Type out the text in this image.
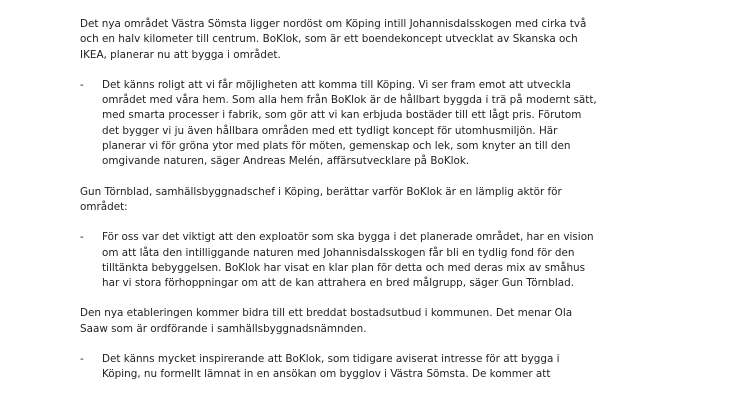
Det nya området Västra Sömsta ligger nordöst om Köping intill Johannisdalsskogen med cirka två och en halv kilometer till centrum. BoKlok, som är ett boendekoncept utvecklat av Skanska och IKEA, planerar nu att bygga i området.

-	Det känns roligt att vi får möjligheten att komma till Köping. Vi ser fram emot att utveckla området med våra hem. Som alla hem från BoKlok är de hållbart byggda i trä på modernt sätt, med smarta processer i fabrik, som gör att vi kan erbjuda bostäder till ett lågt pris. Förutom det bygger vi ju även hållbara områden med ett tydligt koncept för utomhusmiljön. Här planerar vi för gröna ytor med plats för möten, gemenskap och lek, som knyter an till den omgivande naturen, säger Andreas Melén, affärsutvecklare på BoKlok.

Gun Törnblad, samhällsbyggnadschef i Köping, berättar varför BoKlok är en lämplig aktör för området:

-	För oss var det viktigt att den exploatör som ska bygga i det planerade området, har en vision om att låta den intilliggande naturen med Johannisdalsskogen får bli en tydlig fond för den tilltänkta bebyggelsen. BoKlok har visat en klar plan för detta och med deras mix av småhus har vi stora förhoppningar om att de kan attrahera en bred målgrupp, säger Gun Törnblad.

Den nya etableringen kommer bidra till ett breddat bostadsutbud i kommunen. Det menar Ola Saaw som är ordförande i samhällsbyggnadsnämnden.

-	Det känns mycket inspirerande att BoKlok, som tidigare aviserat intresse för att bygga i Köping, nu formellt lämnat in en ansökan om bygglov i Västra Sömsta. De kommer att
